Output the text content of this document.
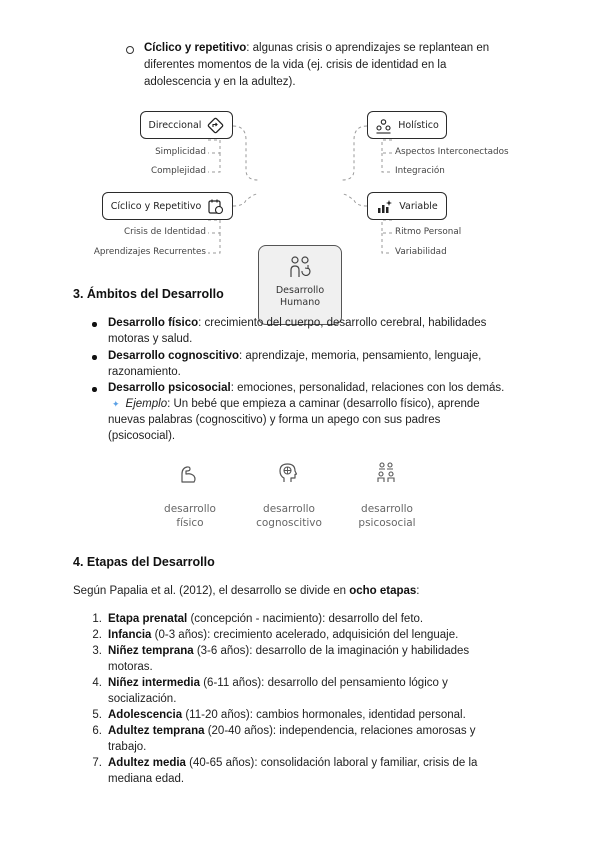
Cíclico y repetitivo: algunas crisis o aprendizajes se replantean en
diferentes momentos de la vida (ej. crisis de identidad en la
adolescencia y en la adultez).
Direccional
Cíclico y Repetitivo
Holístico
Variable
Desarrollo
Humano
Simplicidad
Complejidad
Crisis de Identidad
Aprendizajes Recurrentes
Aspectos Interconectados
Integración
Ritmo Personal
Variabilidad
3. Ámbitos del Desarrollo
Desarrollo físico: crecimiento del cuerpo, desarrollo cerebral, habilidades
motoras y salud.
Desarrollo cognoscitivo: aprendizaje, memoria, pensamiento, lenguaje,
razonamiento.
Desarrollo psicosocial: emociones, personalidad, relaciones con los demás.
✦ Ejemplo: Un bebé que empieza a caminar (desarrollo físico), aprende
nuevas palabras (cognoscitivo) y forma un apego con sus padres
(psicosocial).
desarrollo
físico
desarrollo
cognoscitivo
desarrollo
psicosocial
4. Etapas del Desarrollo
Según Papalia et al. (2012), el desarrollo se divide en ocho etapas:
1. Etapa prenatal (concepción - nacimiento): desarrollo del feto.
2. Infancia (0-3 años): crecimiento acelerado, adquisición del lenguaje.
3. Niñez temprana (3-6 años): desarrollo de la imaginación y habilidades
motoras.
4. Niñez intermedia (6-11 años): desarrollo del pensamiento lógico y
socialización.
5. Adolescencia (11-20 años): cambios hormonales, identidad personal.
6. Adultez temprana (20-40 años): independencia, relaciones amorosas y
trabajo.
7. Adultez media (40-65 años): consolidación laboral y familiar, crisis de la
mediana edad.
